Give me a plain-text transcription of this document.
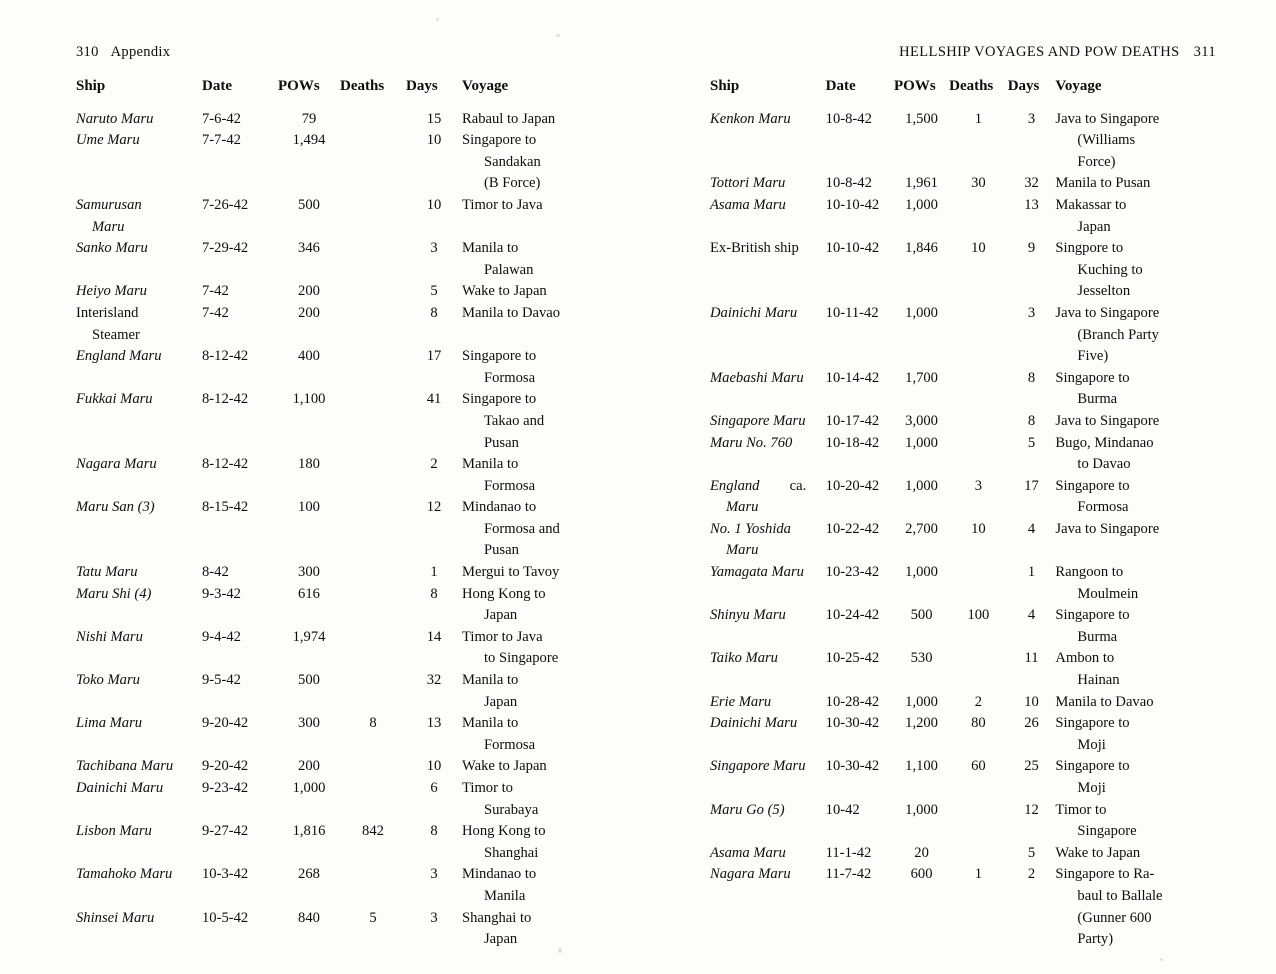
310 Appendix	HELLSHIP VOYAGES AND POW DEATHS 311
Ship	Date	POWs	Deaths	Days	Voyage
Naruto Maru	7-6-42	79		15	Rabaul to Japan

Ume Maru	7-7-42	1,494		10	Singapore to
Sandakan
(B Force)

Samurusan
Maru	7-26-42	500		10	Timor to Java

Sanko Maru	7-29-42	346		3	Manila to
Palawan

Heiyo Maru	7-42	200		5	Wake to Japan

Interisland
Steamer	7-42	200		8	Manila to Davao

England Maru	8-12-42	400		17	Singapore to
Formosa

Fukkai Maru	8-12-42	1,100		41	Singapore to
Takao and
Pusan

Nagara Maru	8-12-42	180		2	Manila to
Formosa

Maru San (3)	8-15-42	100		12	Mindanao to
Formosa and
Pusan

Tatu Maru	8-42	300		1	Mergui to Tavoy

Maru Shi (4)	9-3-42	616		8	Hong Kong to
Japan

Nishi Maru	9-4-42	1,974		14	Timor to Java
to Singapore

Toko Maru	9-5-42	500		32	Manila to
Japan

Lima Maru	9-20-42	300	8	13	Manila to
Formosa

Tachibana Maru	9-20-42	200		10	Wake to Japan

Dainichi Maru	9-23-42	1,000		6	Timor to
Surabaya

Lisbon Maru	9-27-42	1,816	842	8	Hong Kong to
Shanghai

Tamahoko Maru	10-3-42	268		3	Mindanao to
Manila

Shinsei Maru	10-5-42	840	5	3	Shanghai to
Japan
Ship	Date	POWs	Deaths	Days	Voyage
Kenkon Maru	10-8-42	1,500	1	3	Java to Singapore
(Williams
Force)

Tottori Maru	10-8-42	1,961	30	32	Manila to Pusan

Asama Maru	10-10-42	1,000		13	Makassar to
Japan

Ex-British ship	10-10-42	1,846	10	9	Singpore to
Kuching to
Jesselton

Dainichi Maru	10-11-42	1,000		3	Java to Singapore
(Branch Party
Five)

Maebashi Maru	10-14-42	1,700		8	Singapore to
Burma

Singapore Maru	10-17-42	3,000		8	Java to Singapore

Maru No. 760	10-18-42	1,000		5	Bugo, Mindanao
to Davao

England
Maru	ca. 10-20-42	1,000	3	17	Singapore to
Formosa

No. 1 Yoshida
Maru	10-22-42	2,700	10	4	Java to Singapore

Yamagata Maru	10-23-42	1,000		1	Rangoon to
Moulmein

Shinyu Maru	10-24-42	500	100	4	Singapore to
Burma

Taiko Maru	10-25-42	530		11	Ambon to
Hainan

Erie Maru	10-28-42	1,000	2	10	Manila to Davao

Dainichi Maru	10-30-42	1,200	80	26	Singapore to
Moji

Singapore Maru	10-30-42	1,100	60	25	Singapore to
Moji

Maru Go (5)	10-42	1,000		12	Timor to
Singapore

Asama Maru	11-1-42	20		5	Wake to Japan

Nagara Maru	11-7-42	600	1	2	Singapore to Ra-
baul to Ballale
(Gunner 600
Party)
